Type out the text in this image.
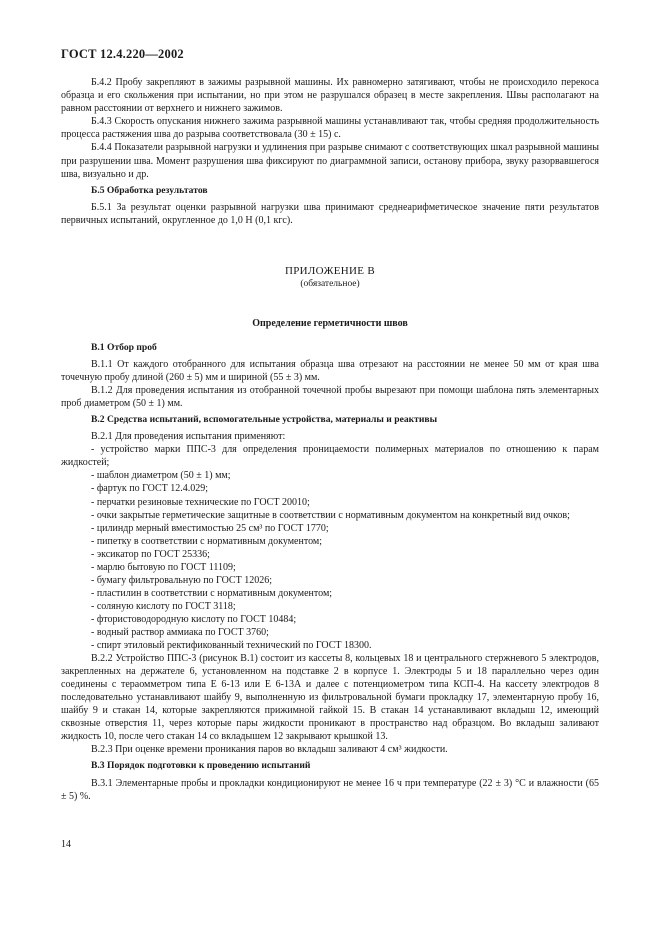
ГОСТ 12.4.220—2002

Б.4.2 Пробу закрепляют в зажимы разрывной машины. Их равномерно затягивают, чтобы не происходило перекоса образца и его скольжения при испытании, но при этом не разрушался образец в месте закрепления. Швы располагают на равном расстоянии от верхнего и нижнего зажимов.

Б.4.3 Скорость опускания нижнего зажима разрывной машины устанавливают так, чтобы средняя продолжительность процесса растяжения шва до разрыва соответствовала (30 ± 15) с.

Б.4.4 Показатели разрывной нагрузки и удлинения при разрыве снимают с соответствующих шкал разрывной машины при разрушении шва. Момент разрушения шва фиксируют по диаграммной записи, останову прибора, звуку разорвавшегося шва, визуально и др.

Б.5 Обработка результатов

Б.5.1 За результат оценки разрывной нагрузки шва принимают среднеарифметическое значение пяти результатов первичных испытаний, округленное до 1,0 Н (0,1 кгс).

ПРИЛОЖЕНИЕ В
(обязательное)
Определение герметичности швов
В.1 Отбор проб

В.1.1 От каждого отобранного для испытания образца шва отрезают на расстоянии не менее 50 мм от края шва точечную пробу длиной (260 ± 5) мм и шириной (55 ± 3) мм.

В.1.2 Для проведения испытания из отобранной точечной пробы вырезают при помощи шаблона пять элементарных проб диаметром (50 ± 1) мм.

В.2 Средства испытаний, вспомогательные устройства, материалы и реактивы

В.2.1 Для проведения испытания применяют:

- устройство марки ППС-3 для определения проницаемости полимерных материалов по отношению к парам жидкостей;

- шаблон диаметром (50 ± 1) мм;

- фартук по ГОСТ 12.4.029;

- перчатки резиновые технические по ГОСТ 20010;

- очки закрытые герметические защитные в соответствии с нормативным документом на конкретный вид очков;

- цилиндр мерный вместимостью 25 см³ по ГОСТ 1770;

- пипетку в соответствии с нормативным документом;

- эксикатор по ГОСТ 25336;

- марлю бытовую по ГОСТ 11109;

- бумагу фильтровальную по ГОСТ 12026;

- пластилин в соответствии с нормативным документом;

- соляную кислоту по ГОСТ 3118;

- фтористоводородную кислоту по ГОСТ 10484;

- водный раствор аммиака по ГОСТ 3760;

- спирт этиловый ректификованный технический по ГОСТ 18300.

В.2.2 Устройство ППС-3 (рисунок В.1) состоит из кассеты 8, кольцевых 18 и центрального стержневого 5 электродов, закрепленных на держателе 6, установленном на подставке 2 в корпусе 1. Электроды 5 и 18 параллельно через один соединены с тераомметром типа Е 6-13 или Е 6-13А и далее с потенциометром типа КСП-4. На кассету электродов 8 последовательно устанавливают шайбу 9, выполненную из фильтровальной бумаги прокладку 17, элементарную пробу 16, шайбу 9 и стакан 14, которые закрепляются прижимной гайкой 15. В стакан 14 устанавливают вкладыш 12, имеющий сквозные отверстия 11, через которые пары жидкости проникают в пространство над образцом. Во вкладыш заливают жидкость 10, после чего стакан 14 со вкладышем 12 закрывают крышкой 13.

В.2.3 При оценке времени проникания паров во вкладыш заливают 4 см³ жидкости.

В.3 Порядок подготовки к проведению испытаний

В.3.1 Элементарные пробы и прокладки кондиционируют не менее 16 ч при температуре (22 ± 3) °С и влажности (65 ± 5) %.

14
